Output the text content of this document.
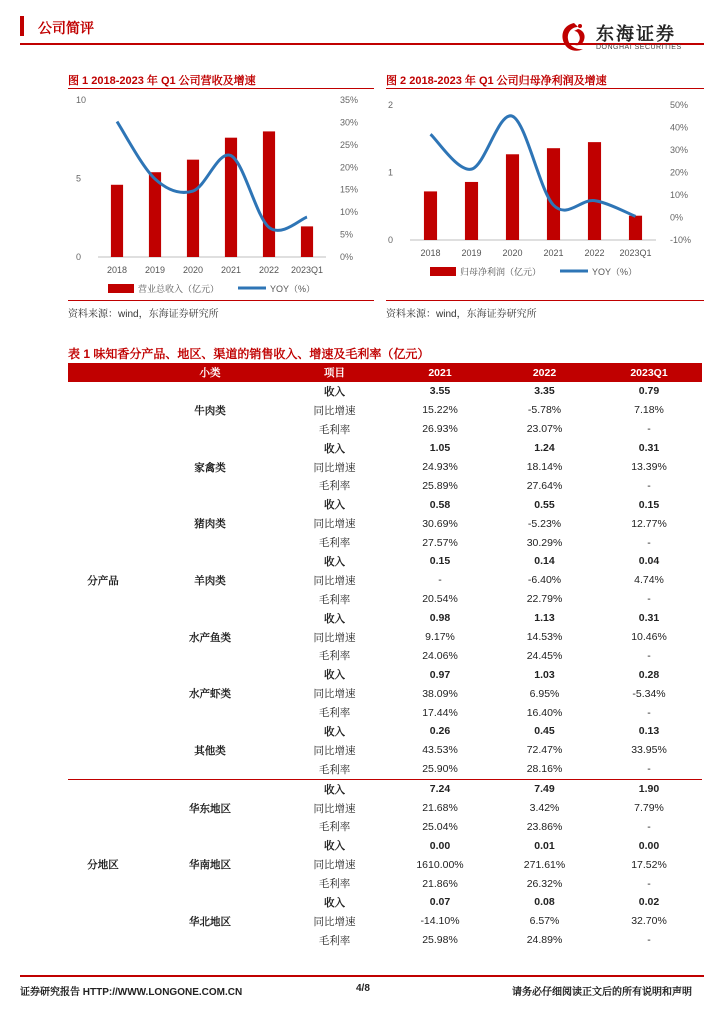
公司简评	东海证券
DONGHAI SECURITIES
图 1 2018-2023 年 Q1 公司营收及增速
10
5
0
35%
30%
25%
20%
15%
10%
5%
0%
2018 2019 2020 2021 2022 2023Q1
营业总收入（亿元）	YOY（%）
资料来源：wind，东海证券研究所
图 2 2018-2023 年 Q1 公司归母净利润及增速
2
1
0
50%
40%
30%
20%
10%
0%
-10%
2018 2019 2020 2021 2022 2023Q1
归母净利润（亿元）	YOY（%）
资料来源：wind，东海证券研究所
表 1 味知香分产品、地区、渠道的销售收入、增速及毛利率（亿元）
	小类	项目	2021	2022	2023Q1
分产品	牛肉类	收入	3.55	3.35	0.79
		同比增速	15.22%	-5.78%	7.18%
		毛利率	26.93%	23.07%	-
	家禽类	收入	1.05	1.24	0.31
		同比增速	24.93%	18.14%	13.39%
		毛利率	25.89%	27.64%	-
	猪肉类	收入	0.58	0.55	0.15
		同比增速	30.69%	-5.23%	12.77%
		毛利率	27.57%	30.29%	-
	羊肉类	收入	0.15	0.14	0.04
		同比增速	-	-6.40%	4.74%
		毛利率	20.54%	22.79%	-
	水产鱼类	收入	0.98	1.13	0.31
		同比增速	9.17%	14.53%	10.46%
		毛利率	24.06%	24.45%	-
	水产虾类	收入	0.97	1.03	0.28
		同比增速	38.09%	6.95%	-5.34%
		毛利率	17.44%	16.40%	-
	其他类	收入	0.26	0.45	0.13
		同比增速	43.53%	72.47%	33.95%
		毛利率	25.90%	28.16%	-
分地区	华东地区	收入	7.24	7.49	1.90
		同比增速	21.68%	3.42%	7.79%
		毛利率	25.04%	23.86%	-
	华南地区	收入	0.00	0.01	0.00
		同比增速	1610.00%	271.61%	17.52%
		毛利率	21.86%	26.32%	-
	华北地区	收入	0.07	0.08	0.02
		同比增速	-14.10%	6.57%	32.70%
		毛利率	25.98%	24.89%	-
证券研究报告 HTTP://WWW.LONGONE.COM.CN	4/8	请务必仔细阅读正文后的所有说明和声明
